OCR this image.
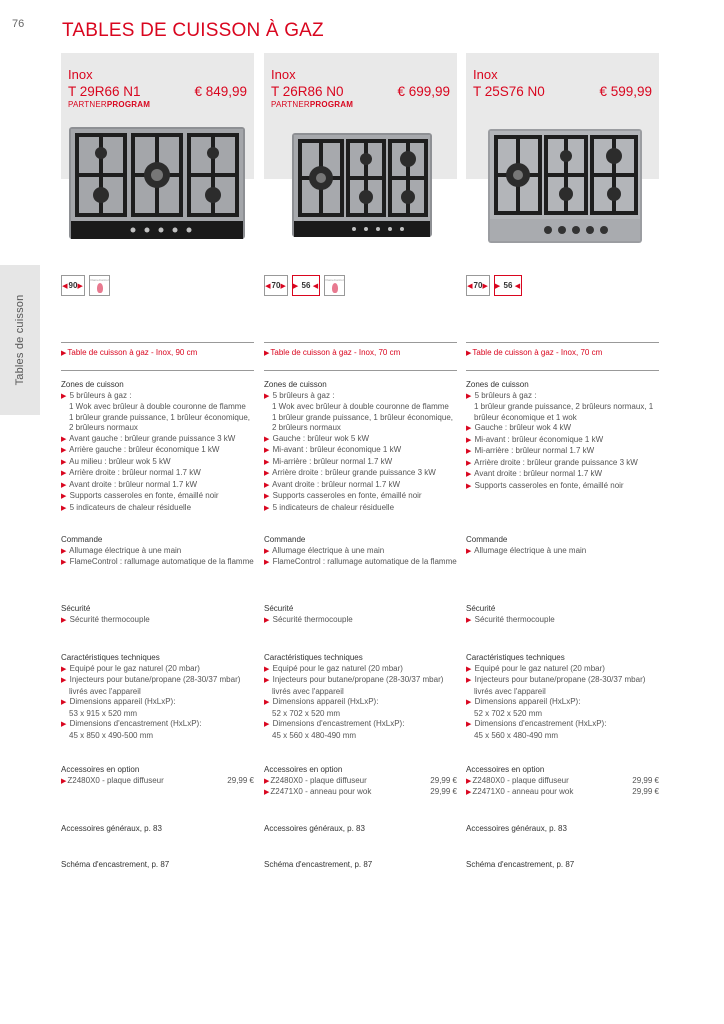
76
Tables de cuisson
TABLES DE CUISSON À GAZ
Inox
T 29R66 N1	€ 849,99
PARTNERPROGRAM
◀ 90 ▶
FlameControl
▶Table de cuisson à gaz - Inox, 90 cm
Zones de cuisson
▶ 5 brûleurs à gaz :
1 Wok avec brûleur à double couronne de flamme
1 brûleur grande puissance, 1 brûleur économique,
2 brûleurs normaux
▶ Avant gauche : brûleur grande puissance 3 kW
▶ Arrière gauche : brûleur économique 1 kW
▶ Au milieu : brûleur wok 5 kW
▶ Arrière droite : brûleur normal 1.7 kW
▶ Avant droite : brûleur normal 1.7 kW
▶ Supports casseroles en fonte, émaillé noir
▶ 5 indicateurs de chaleur résiduelle
Commande
▶ Allumage électrique à une main
▶ FlameControl : rallumage automatique de la flamme
Sécurité
▶ Sécurité thermocouple
Caractéristiques techniques
▶ Equipé pour le gaz naturel (20 mbar)
▶ Injecteurs pour butane/propane (28-30/37 mbar)
livrés avec l'appareil
▶ Dimensions appareil (HxLxP):
53 x 915 x 520 mm
▶ Dimensions d'encastrement (HxLxP):
45 x 850 x 490-500 mm
Accessoires en option
▶Z2480X0 - plaque diffuseur	29,99 €
Accessoires généraux, p. 83
Schéma d'encastrement, p. 87
Inox
T 26R86 N0	€ 699,99
PARTNERPROGRAM
◀ 70 ▶ ▶
56
◀
FlameControl
▶Table de cuisson à gaz - Inox, 70 cm
Zones de cuisson
▶ 5 brûleurs à gaz :
1 Wok avec brûleur à double couronne de flamme
1 brûleur grande puissance, 1 brûleur économique,
2 brûleurs normaux
▶ Gauche : brûleur wok 5 kW
▶ Mi-avant : brûleur économique 1 kW
▶ Mi-arrière : brûleur normal 1.7 kW
▶ Arrière droite : brûleur grande puissance 3 kW
▶ Avant droite : brûleur normal 1.7 kW
▶ Supports casseroles en fonte, émaillé noir
▶ 5 indicateurs de chaleur résiduelle
Commande
▶ Allumage électrique à une main
▶ FlameControl : rallumage automatique de la flamme
Sécurité
▶ Sécurité thermocouple
Caractéristiques techniques
▶ Equipé pour le gaz naturel (20 mbar)
▶ Injecteurs pour butane/propane (28-30/37 mbar)
livrés avec l'appareil
▶ Dimensions appareil (HxLxP):
52 x 702 x 520 mm
▶ Dimensions d'encastrement (HxLxP):
45 x 560 x 480-490 mm
Accessoires en option
▶Z2480X0 - plaque diffuseur	29,99 €
▶Z2471X0 - anneau pour wok	29,99 €
Accessoires généraux, p. 83
Schéma d'encastrement, p. 87
Inox
T 25S76 N0	€ 599,99
◀ 70 ▶ ▶
56
◀
▶Table de cuisson à gaz - Inox, 70 cm
Zones de cuisson
▶ 5 brûleurs à gaz :
1 brûleur grande puissance, 2 brûleurs normaux, 1
brûleur économique et 1 wok
▶ Gauche : brûleur wok 4 kW
▶ Mi-avant : brûleur économique 1 kW
▶ Mi-arrière : brûleur normal 1.7 kW
▶ Arrière droite : brûleur grande puissance 3 kW
▶ Avant droite : brûleur normal 1.7 kW
▶ Supports casseroles en fonte, émaillé noir
Commande
▶ Allumage électrique à une main
Sécurité
▶ Sécurité thermocouple
Caractéristiques techniques
▶ Equipé pour le gaz naturel (20 mbar)
▶ Injecteurs pour butane/propane (28-30/37 mbar)
livrés avec l'appareil
▶ Dimensions appareil (HxLxP):
52 x 702 x 520 mm
▶ Dimensions d'encastrement (HxLxP):
45 x 560 x 480-490 mm
Accessoires en option
▶Z2480X0 - plaque diffuseur	29,99 €
▶Z2471X0 - anneau pour wok	29,99 €
Accessoires généraux, p. 83
Schéma d'encastrement, p. 87
